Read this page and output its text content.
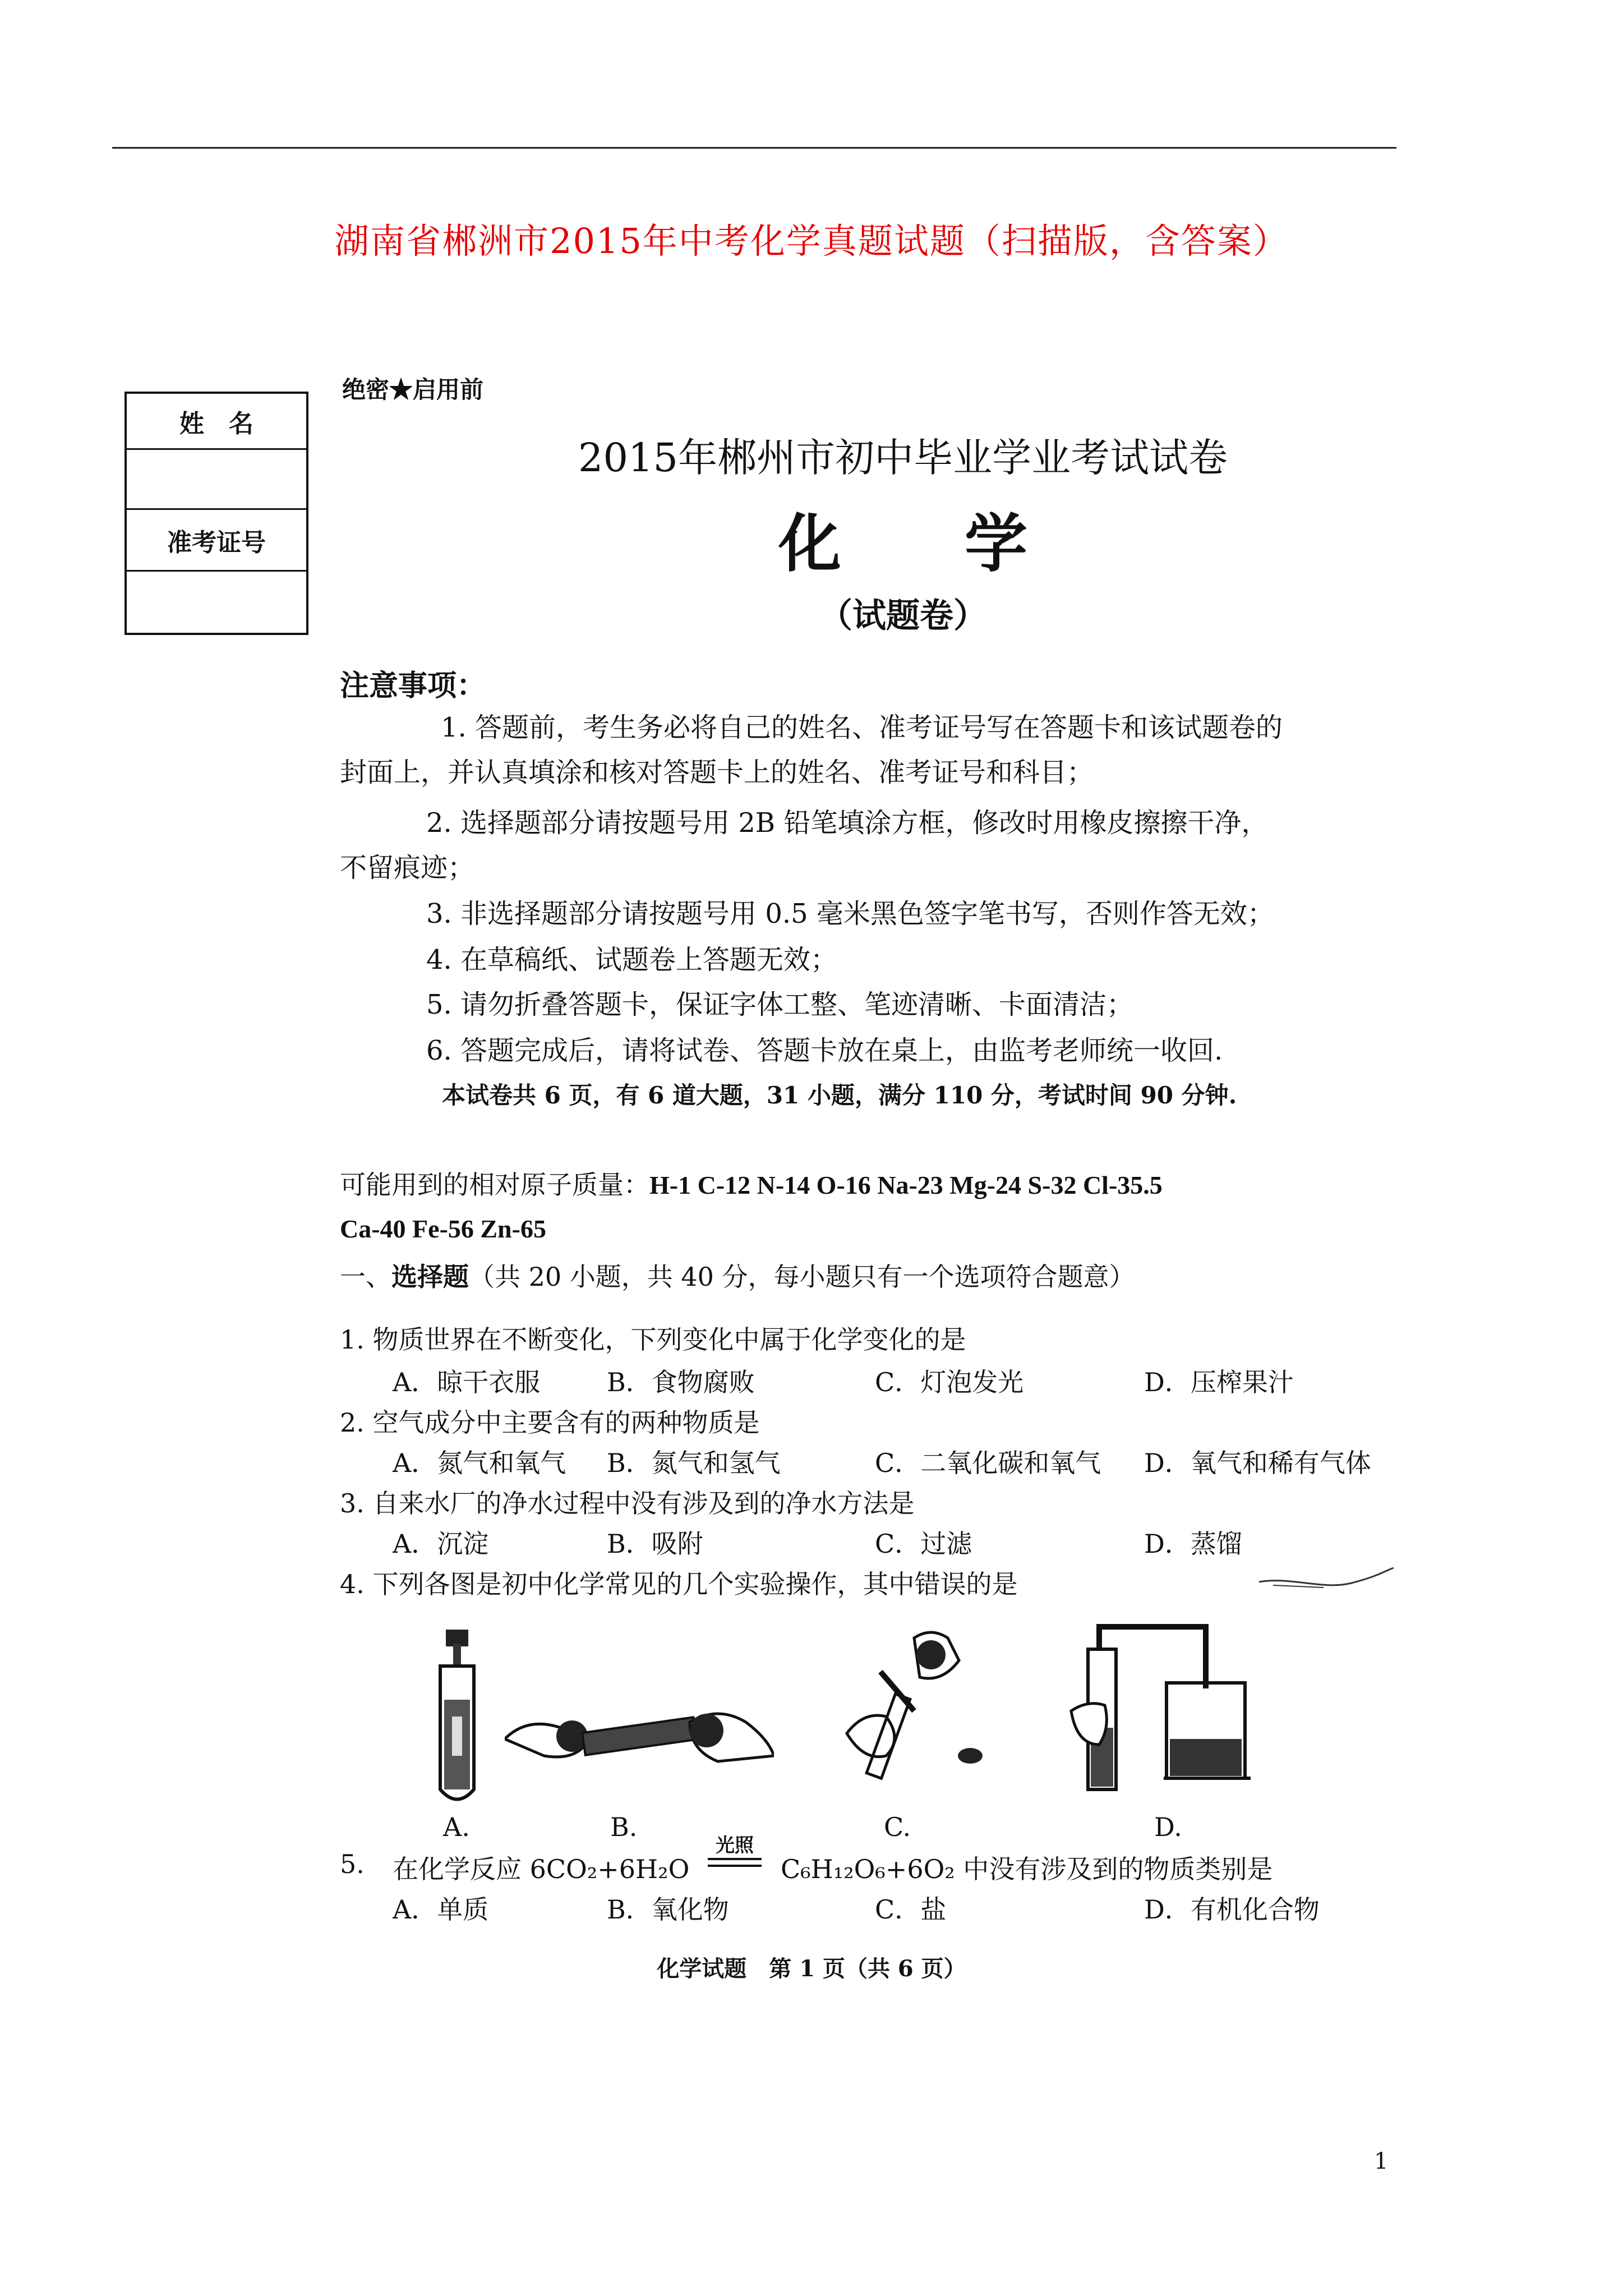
湖南省郴洲市2015年中考化学真题试题（扫描版，含答案）
绝密★启用前
姓　名
准考证号
2015年郴州市初中毕业学业考试试卷
化学
（试题卷）
注意事项：
1. 答题前，考生务必将自己的姓名、准考证号写在答题卡和该试题卷的
封面上，并认真填涂和核对答题卡上的姓名、准考证号和科目；
2. 选择题部分请按题号用 2B 铅笔填涂方框，修改时用橡皮擦擦干净，
不留痕迹；
3. 非选择题部分请按题号用 0.5 毫米黑色签字笔书写，否则作答无效；
4. 在草稿纸、试题卷上答题无效；
5. 请勿折叠答题卡，保证字体工整、笔迹清晰、卡面清洁；
6. 答题完成后，请将试卷、答题卡放在桌上，由监考老师统一收回.
本试卷共 6 页，有 6 道大题，31 小题，满分 110 分，考试时间 90 分钟.
可能用到的相对原子质量：H-1 C-12 N-14 O-16 Na-23 Mg-24 S-32 Cl-35.5
Ca-40 Fe-56 Zn-65
一、选择题（共 20 小题，共 40 分，每小题只有一个选项符合题意）
1. 物质世界在不断变化，下列变化中属于化学变化的是
A．晾干衣服	B．食物腐败	C．灯泡发光	D．压榨果汁
2. 空气成分中主要含有的两种物质是
A．氮气和氧气 B．氮气和氢气	C．二氧化碳和氧气 D．氧气和稀有气体
3. 自来水厂的净水过程中没有涉及到的净水方法是
A．沉淀	B．吸附	C．过滤	D．蒸馏
4. 下列各图是初中化学常见的几个实验操作，其中错误的是
A.	B.	C.	D.
5. 在化学反应 6CO₂+6H₂O
光照
C₆H₁₂O₆+6O₂ 中没有涉及到的物质类别是
A．单质	B．氧化物	C．盐	D．有机化合物
化学试题　第 1 页（共 6 页）
1
